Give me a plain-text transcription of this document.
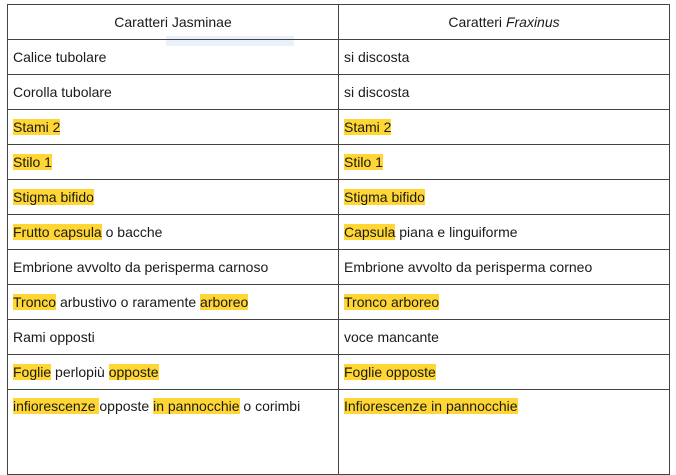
Caratteri Jasminae	Caratteri Fraxinus
Calice tubolare	si discosta
Corolla tubolare	si discosta
Stami 2	Stami 2
Stilo 1	Stilo 1
Stigma bifido	Stigma bifido
Frutto capsula o bacche	Capsula piana e linguiforme
Embrione avvolto da perisperma carnoso	Embrione avvolto da perisperma corneo
Tronco arbustivo o raramente arboreo	Tronco arboreo
Rami opposti	voce mancante
Foglie perlopiù opposte	Foglie opposte
infiorescenze opposte in pannocchie o corimbi	Infiorescenze in pannocchie
